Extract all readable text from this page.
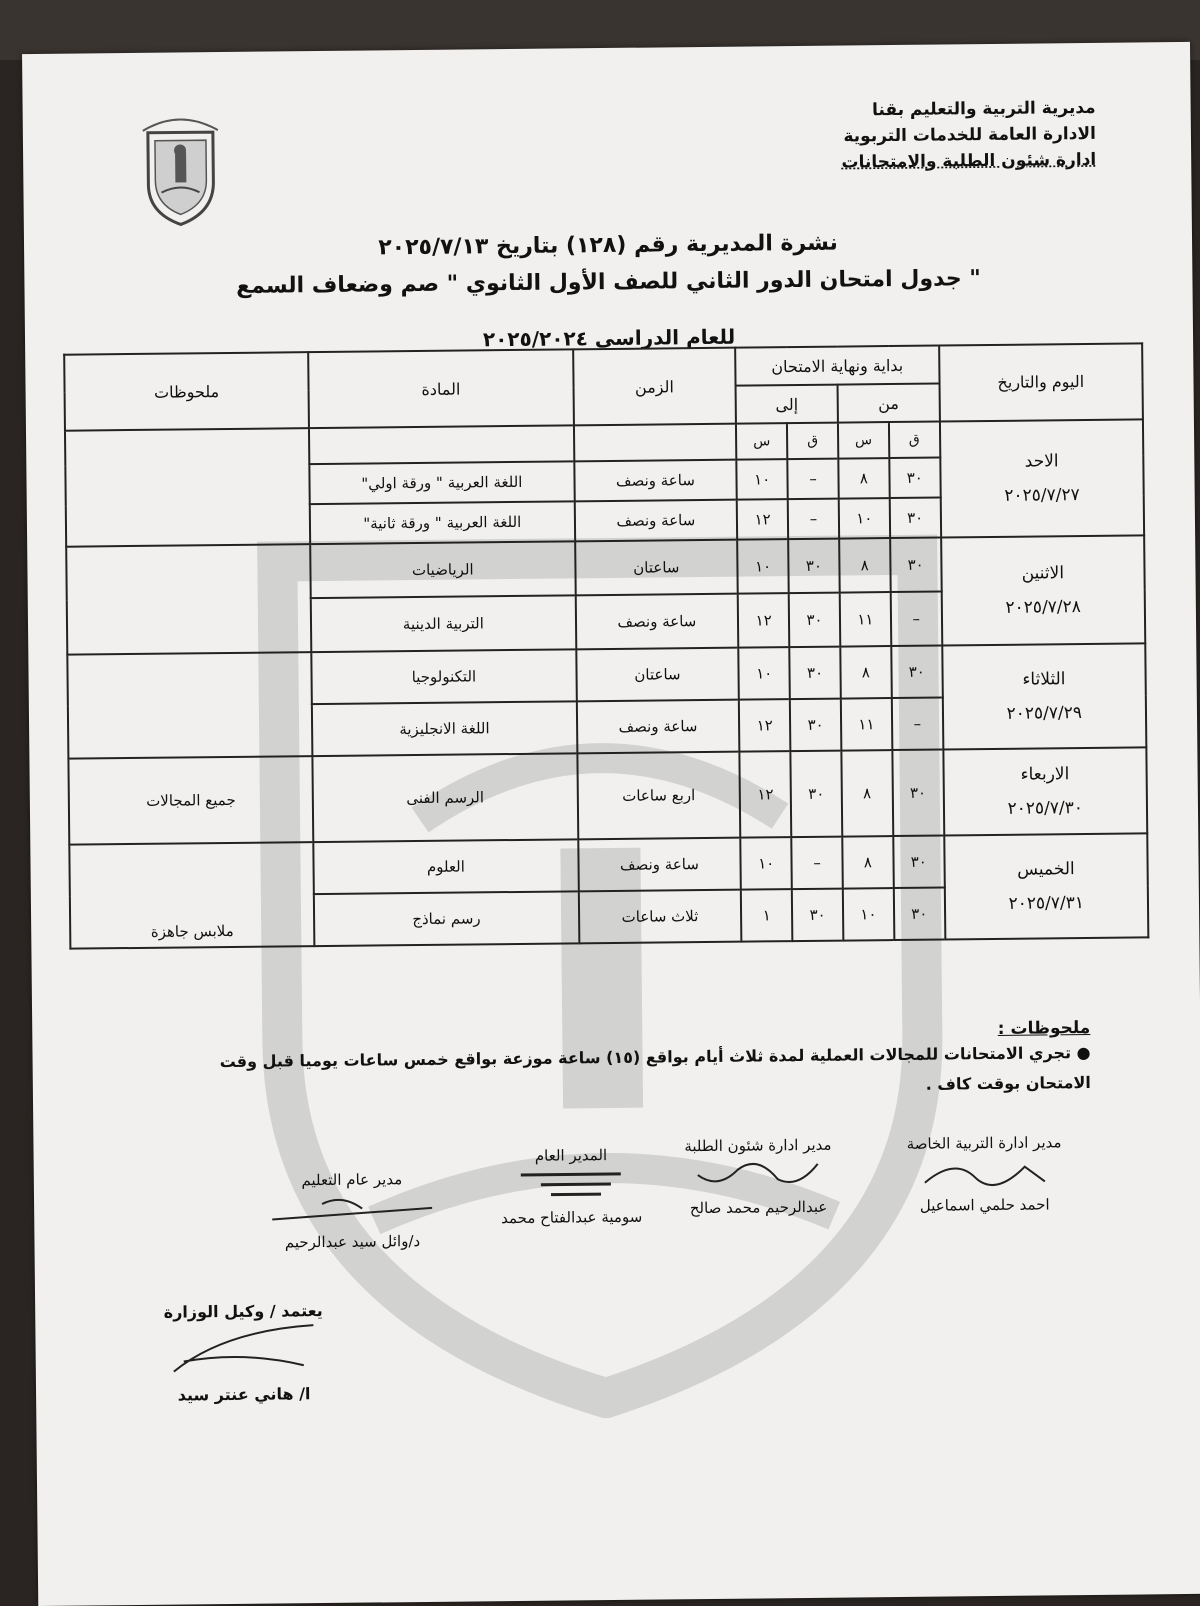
مديرية التربية والتعليم بقنا
الادارة العامة للخدمات التربوية
ادارة شئون الطلبة والامتحانات
نشرة المديرية رقم (١٢٨) بتاريخ ٢٠٢٥/٧/١٣
جدول امتحان الدور الثاني للصف الأول الثانوي " صم وضعاف السمع "
للعام الدراسي ٢٠٢٥/٢٠٢٤
اليوم والتاريخ	بداية ونهاية الامتحان				الزمن	المادة	ملحوظات
	من		إلى				

الاحد
٢٠٢٥/٧/٢٧	ق	س	ق	س			
	٣٠	٨	–	١٠	ساعة ونصف	اللغة العربية " ورقة اولي"	
	٣٠	١٠	–	١٢	ساعة ونصف	اللغة العربية " ورقة ثانية"	

الاثنين
٢٠٢٥/٧/٢٨	٣٠	٨	٣٠	١٠	ساعتان	الرياضيات	
	–	١١	٣٠	١٢	ساعة ونصف	التربية الدينية	

الثلاثاء
٢٠٢٥/٧/٢٩	٣٠	٨	٣٠	١٠	ساعتان	التكنولوجيا	
	–	١١	٣٠	١٢	ساعة ونصف	اللغة الانجليزية	

الاربعاء
٢٠٢٥/٧/٣٠	٣٠	٨	٣٠	١٢	اربع ساعات	الرسم الفنى	جميع المجالات

الخميس
٢٠٢٥/٧/٣١	٣٠	٨	–	١٠	ساعة ونصف	العلوم	ملابس جاهزة
	٣٠	١٠	٣٠	١	ثلاث ساعات	رسم نماذج	
ملحوظات :
● تجري الامتحانات للمجالات العملية لمدة ثلاث أيام بواقع (١٥) ساعة موزعة بواقع خمس ساعات يوميا قبل وقت
الامتحان بوقت كاف .
مدير ادارة التربية الخاصة
احمد حلمي اسماعيل
مدير ادارة شئون الطلبة
عبدالرحيم محمد صالح
المدير العام
سومية عبدالفتاح محمد
مدير عام التعليم
د/وائل سيد عبدالرحيم
يعتمد / وكيل الوزارة
ا/ هاني عنتر سيد
